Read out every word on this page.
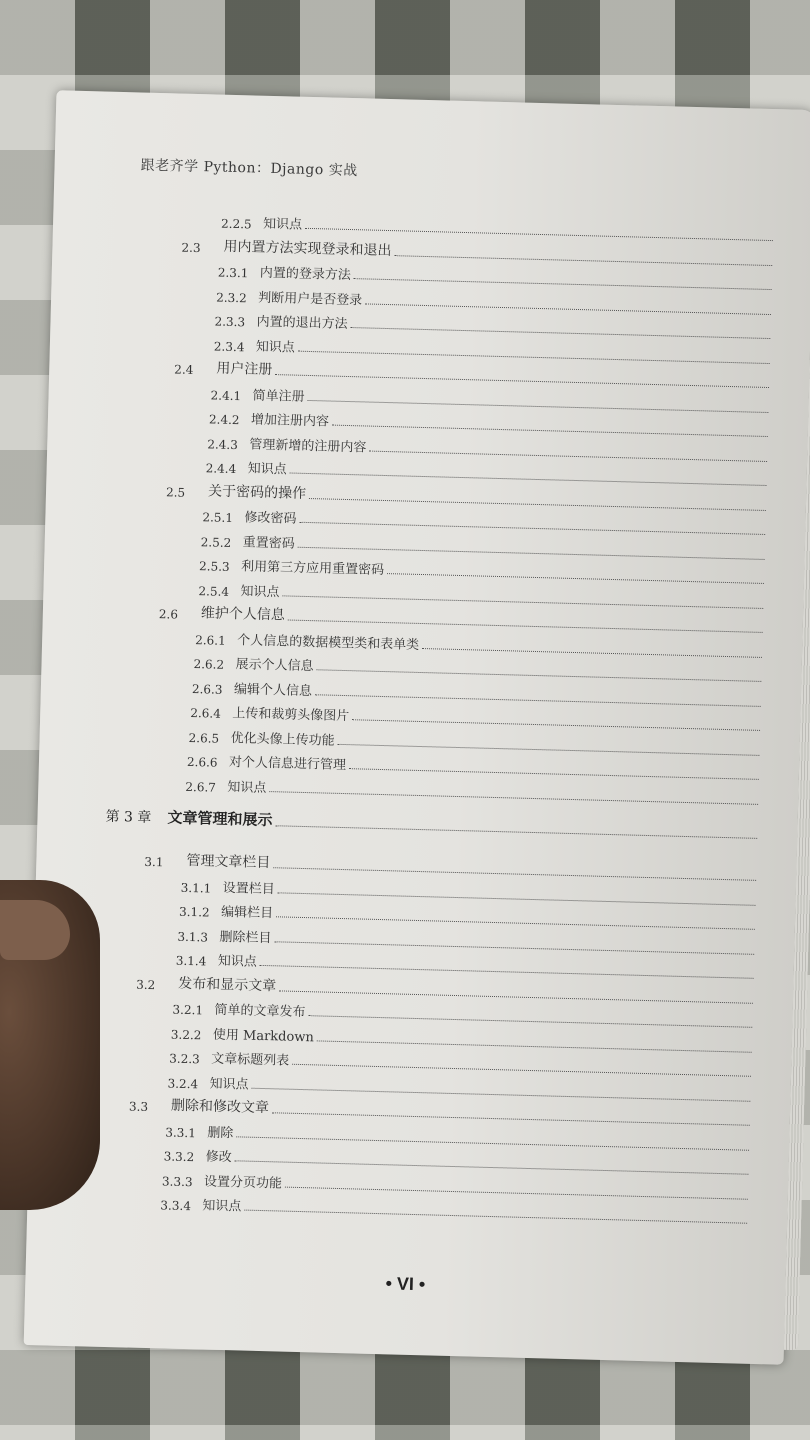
跟老齐学 Python：Django 实战
2.2.5 知识点
2.3	用内置方法实现登录和退出
2.3.1 内置的登录方法
2.3.2 判断用户是否登录
2.3.3 内置的退出方法
2.3.4 知识点
2.4	用户注册
2.4.1 简单注册
2.4.2 增加注册内容
2.4.3 管理新增的注册内容
2.4.4 知识点
2.5	关于密码的操作
2.5.1 修改密码
2.5.2 重置密码
2.5.3 利用第三方应用重置密码
2.5.4 知识点
2.6	维护个人信息
2.6.1 个人信息的数据模型类和表单类
2.6.2 展示个人信息
2.6.3 编辑个人信息
2.6.4 上传和裁剪头像图片
2.6.5 优化头像上传功能
2.6.6 对个人信息进行管理
2.6.7 知识点
第 3 章	文章管理和展示
3.1	管理文章栏目
3.1.1 设置栏目
3.1.2 编辑栏目
3.1.3 删除栏目
3.1.4 知识点
3.2	发布和显示文章
3.2.1 简单的文章发布
3.2.2 使用 Markdown
3.2.3 文章标题列表
3.2.4 知识点
3.3	删除和修改文章
3.3.1 删除
3.3.2 修改
3.3.3 设置分页功能
3.3.4 知识点
• VI •
